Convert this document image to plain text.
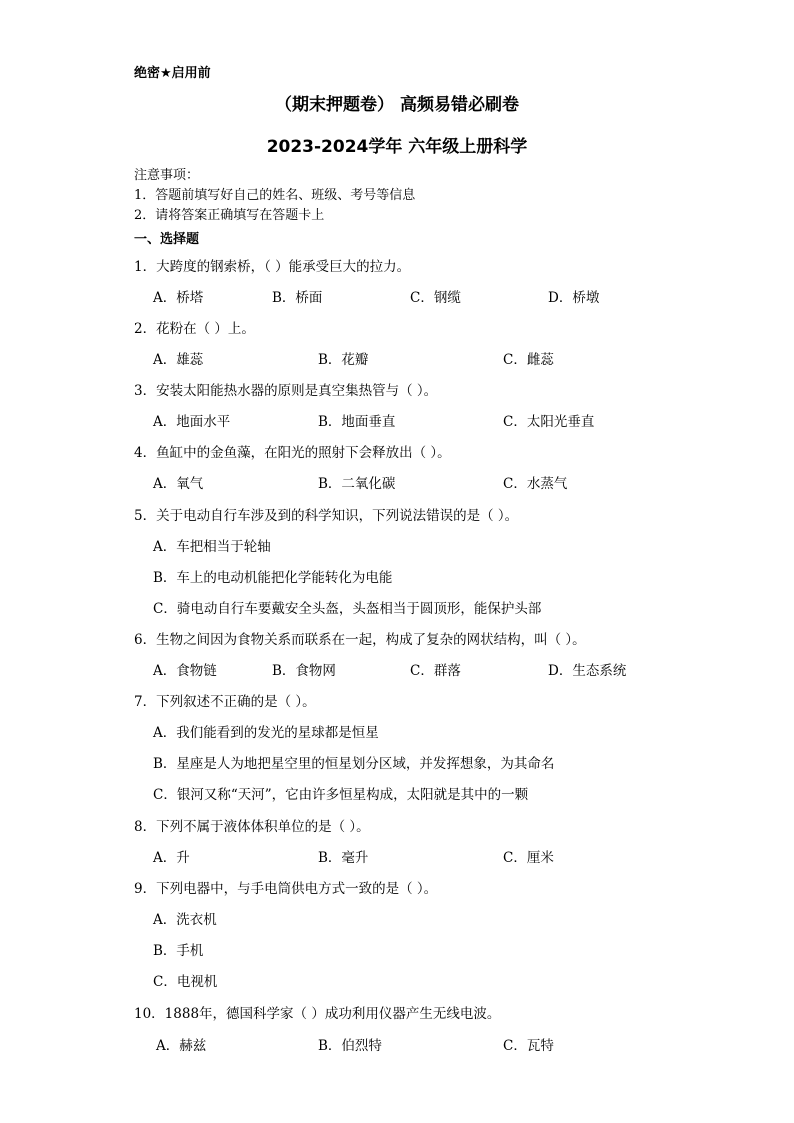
绝密★启用前
（期末押题卷） 高频易错必刷卷
2023-2024学年 六年级上册科学
注意事项：
1．答题前填写好自己的姓名、班级、考号等信息
2．请将答案正确填写在答题卡上
一、选择题
1．大跨度的钢索桥，（ ）能承受巨大的拉力。
A．桥塔	B．桥面	C．钢缆	D．桥墩
2．花粉在（ ）上。
A．雄蕊	B．花瓣	C．雌蕊
3．安装太阳能热水器的原则是真空集热管与（ ）。
A．地面水平	B．地面垂直	C．太阳光垂直
4．鱼缸中的金鱼藻，在阳光的照射下会释放出（ ）。
A．氧气	B．二氧化碳	C．水蒸气
5．关于电动自行车涉及到的科学知识，下列说法错误的是（ ）。
A．车把相当于轮轴
B．车上的电动机能把化学能转化为电能
C．骑电动自行车要戴安全头盔，头盔相当于圆顶形，能保护头部
6．生物之间因为食物关系而联系在一起，构成了复杂的网状结构，叫（ ）。
A．食物链	B．食物网	C．群落	D．生态系统
7．下列叙述不正确的是（ ）。
A．我们能看到的发光的星球都是恒星
B．星座是人为地把星空里的恒星划分区域，并发挥想象，为其命名
C．银河又称“天河”，它由许多恒星构成，太阳就是其中的一颗
8．下列不属于液体体积单位的是（ ）。
A．升	B．毫升	C．厘米
9．下列电器中，与手电筒供电方式一致的是（ ）。
A．洗衣机
B．手机
C．电视机
10．1888年，德国科学家（ ）成功利用仪器产生无线电波。
A．赫兹	B．伯烈特	C．瓦特
